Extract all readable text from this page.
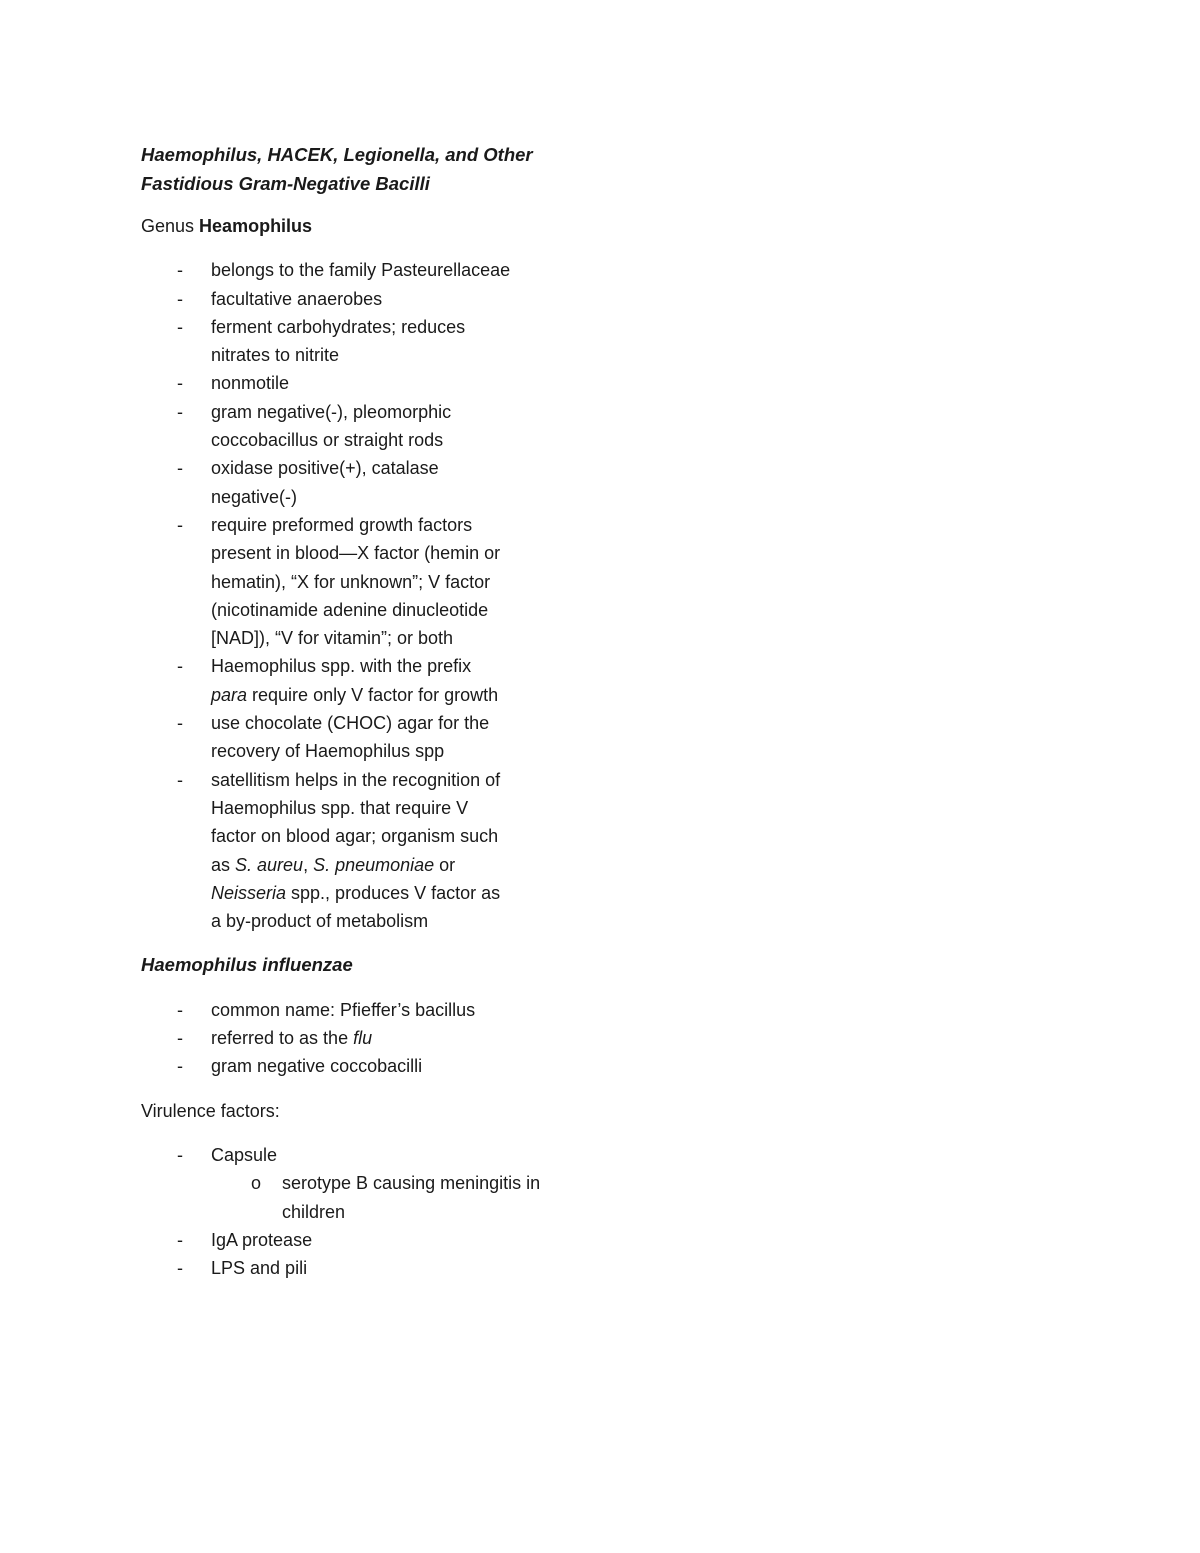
Haemophilus, HACEK, Legionella, and Other
Fastidious Gram-Negative Bacilli
Genus Heamophilus
- belongs to the family Pasteurellaceae
- facultative anaerobes
- ferment carbohydrates; reduces nitrates to nitrite
- nonmotile
- gram negative(-), pleomorphic coccobacillus or straight rods
- oxidase positive(+), catalase negative(-)
- require preformed growth factors present in blood—X factor (hemin or hematin), “X for unknown”; V factor (nicotinamide adenine dinucleotide [NAD]), “V for vitamin”; or both
- Haemophilus spp. with the prefix para require only V factor for growth
- use chocolate (CHOC) agar for the recovery of Haemophilus spp
- satellitism helps in the recognition of Haemophilus spp. that require V factor on blood agar; organism such as S. aureu, S. pneumoniae or Neisseria spp., produces V factor as a by-product of metabolism
Haemophilus influenzae
- common name: Pfieffer’s bacillus
- referred to as the flu
- gram negative coccobacilli
Virulence factors:
- Capsule
o serotype B causing meningitis in children
- IgA protease
- LPS and pili
